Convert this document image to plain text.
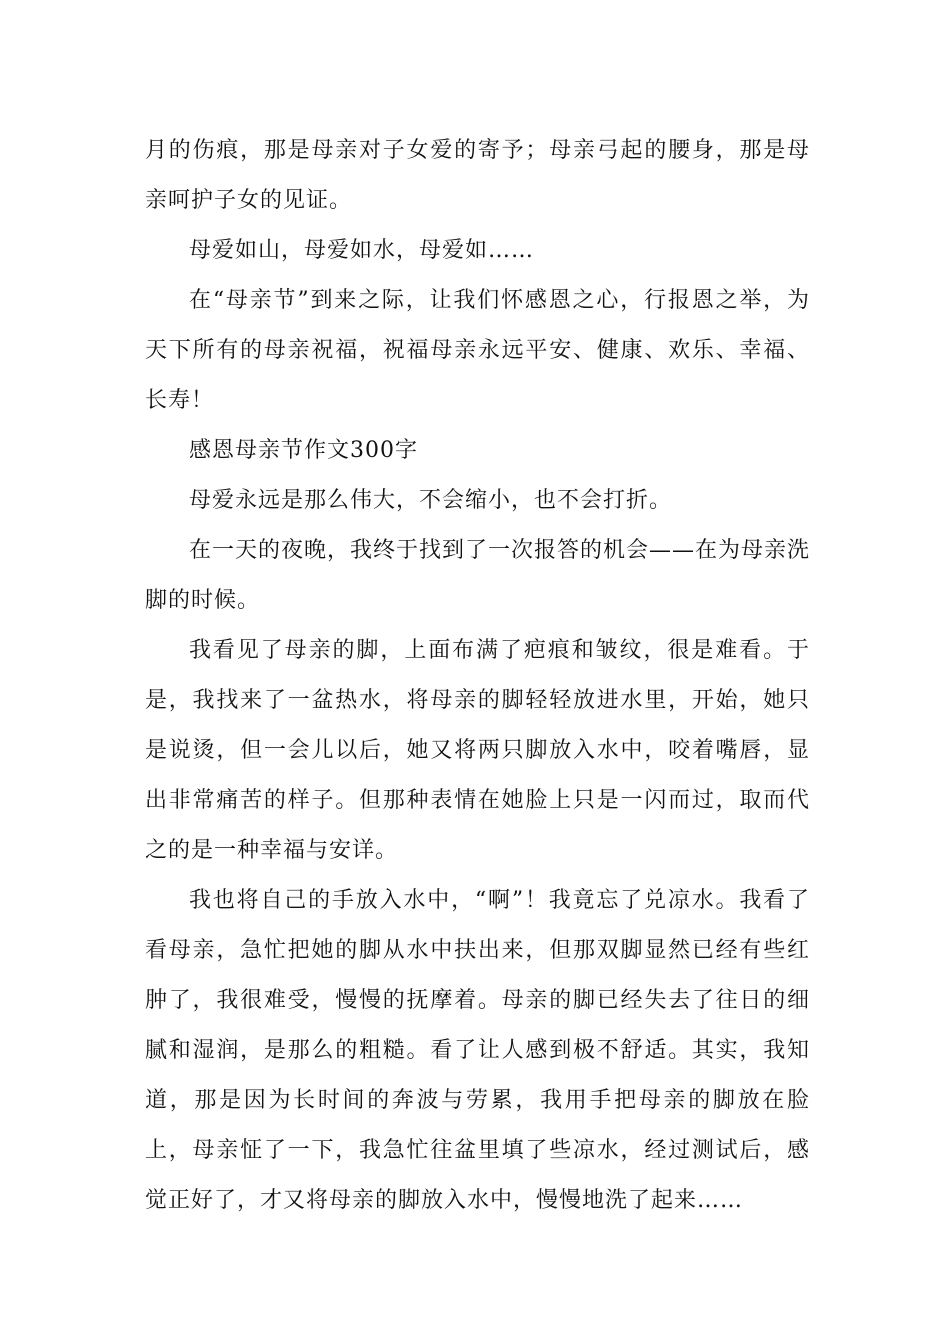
月的伤痕，那是母亲对子女爱的寄予；母亲弓起的腰身，那是母亲呵护子女的见证。

母爱如山，母爱如水，母爱如……

在“母亲节”到来之际，让我们怀感恩之心，行报恩之举，为天下所有的母亲祝福，祝福母亲永远平安、健康、欢乐、幸福、长寿！

感恩母亲节作文300字

母爱永远是那么伟大，不会缩小，也不会打折。

在一天的夜晚，我终于找到了一次报答的机会——在为母亲洗脚的时候。

我看见了母亲的脚，上面布满了疤痕和皱纹，很是难看。于是，我找来了一盆热水，将母亲的脚轻轻放进水里，开始，她只是说烫，但一会儿以后，她又将两只脚放入水中，咬着嘴唇，显出非常痛苦的样子。但那种表情在她脸上只是一闪而过，取而代之的是一种幸福与安详。

我也将自己的手放入水中，“啊”！我竟忘了兑凉水。我看了看母亲，急忙把她的脚从水中扶出来，但那双脚显然已经有些红肿了，我很难受，慢慢的抚摩着。母亲的脚已经失去了往日的细腻和湿润，是那么的粗糙。看了让人感到极不舒适。其实，我知道，那是因为长时间的奔波与劳累，我用手把母亲的脚放在脸上，母亲怔了一下，我急忙往盆里填了些凉水，经过测试后，感觉正好了，才又将母亲的脚放入水中，慢慢地洗了起来……
